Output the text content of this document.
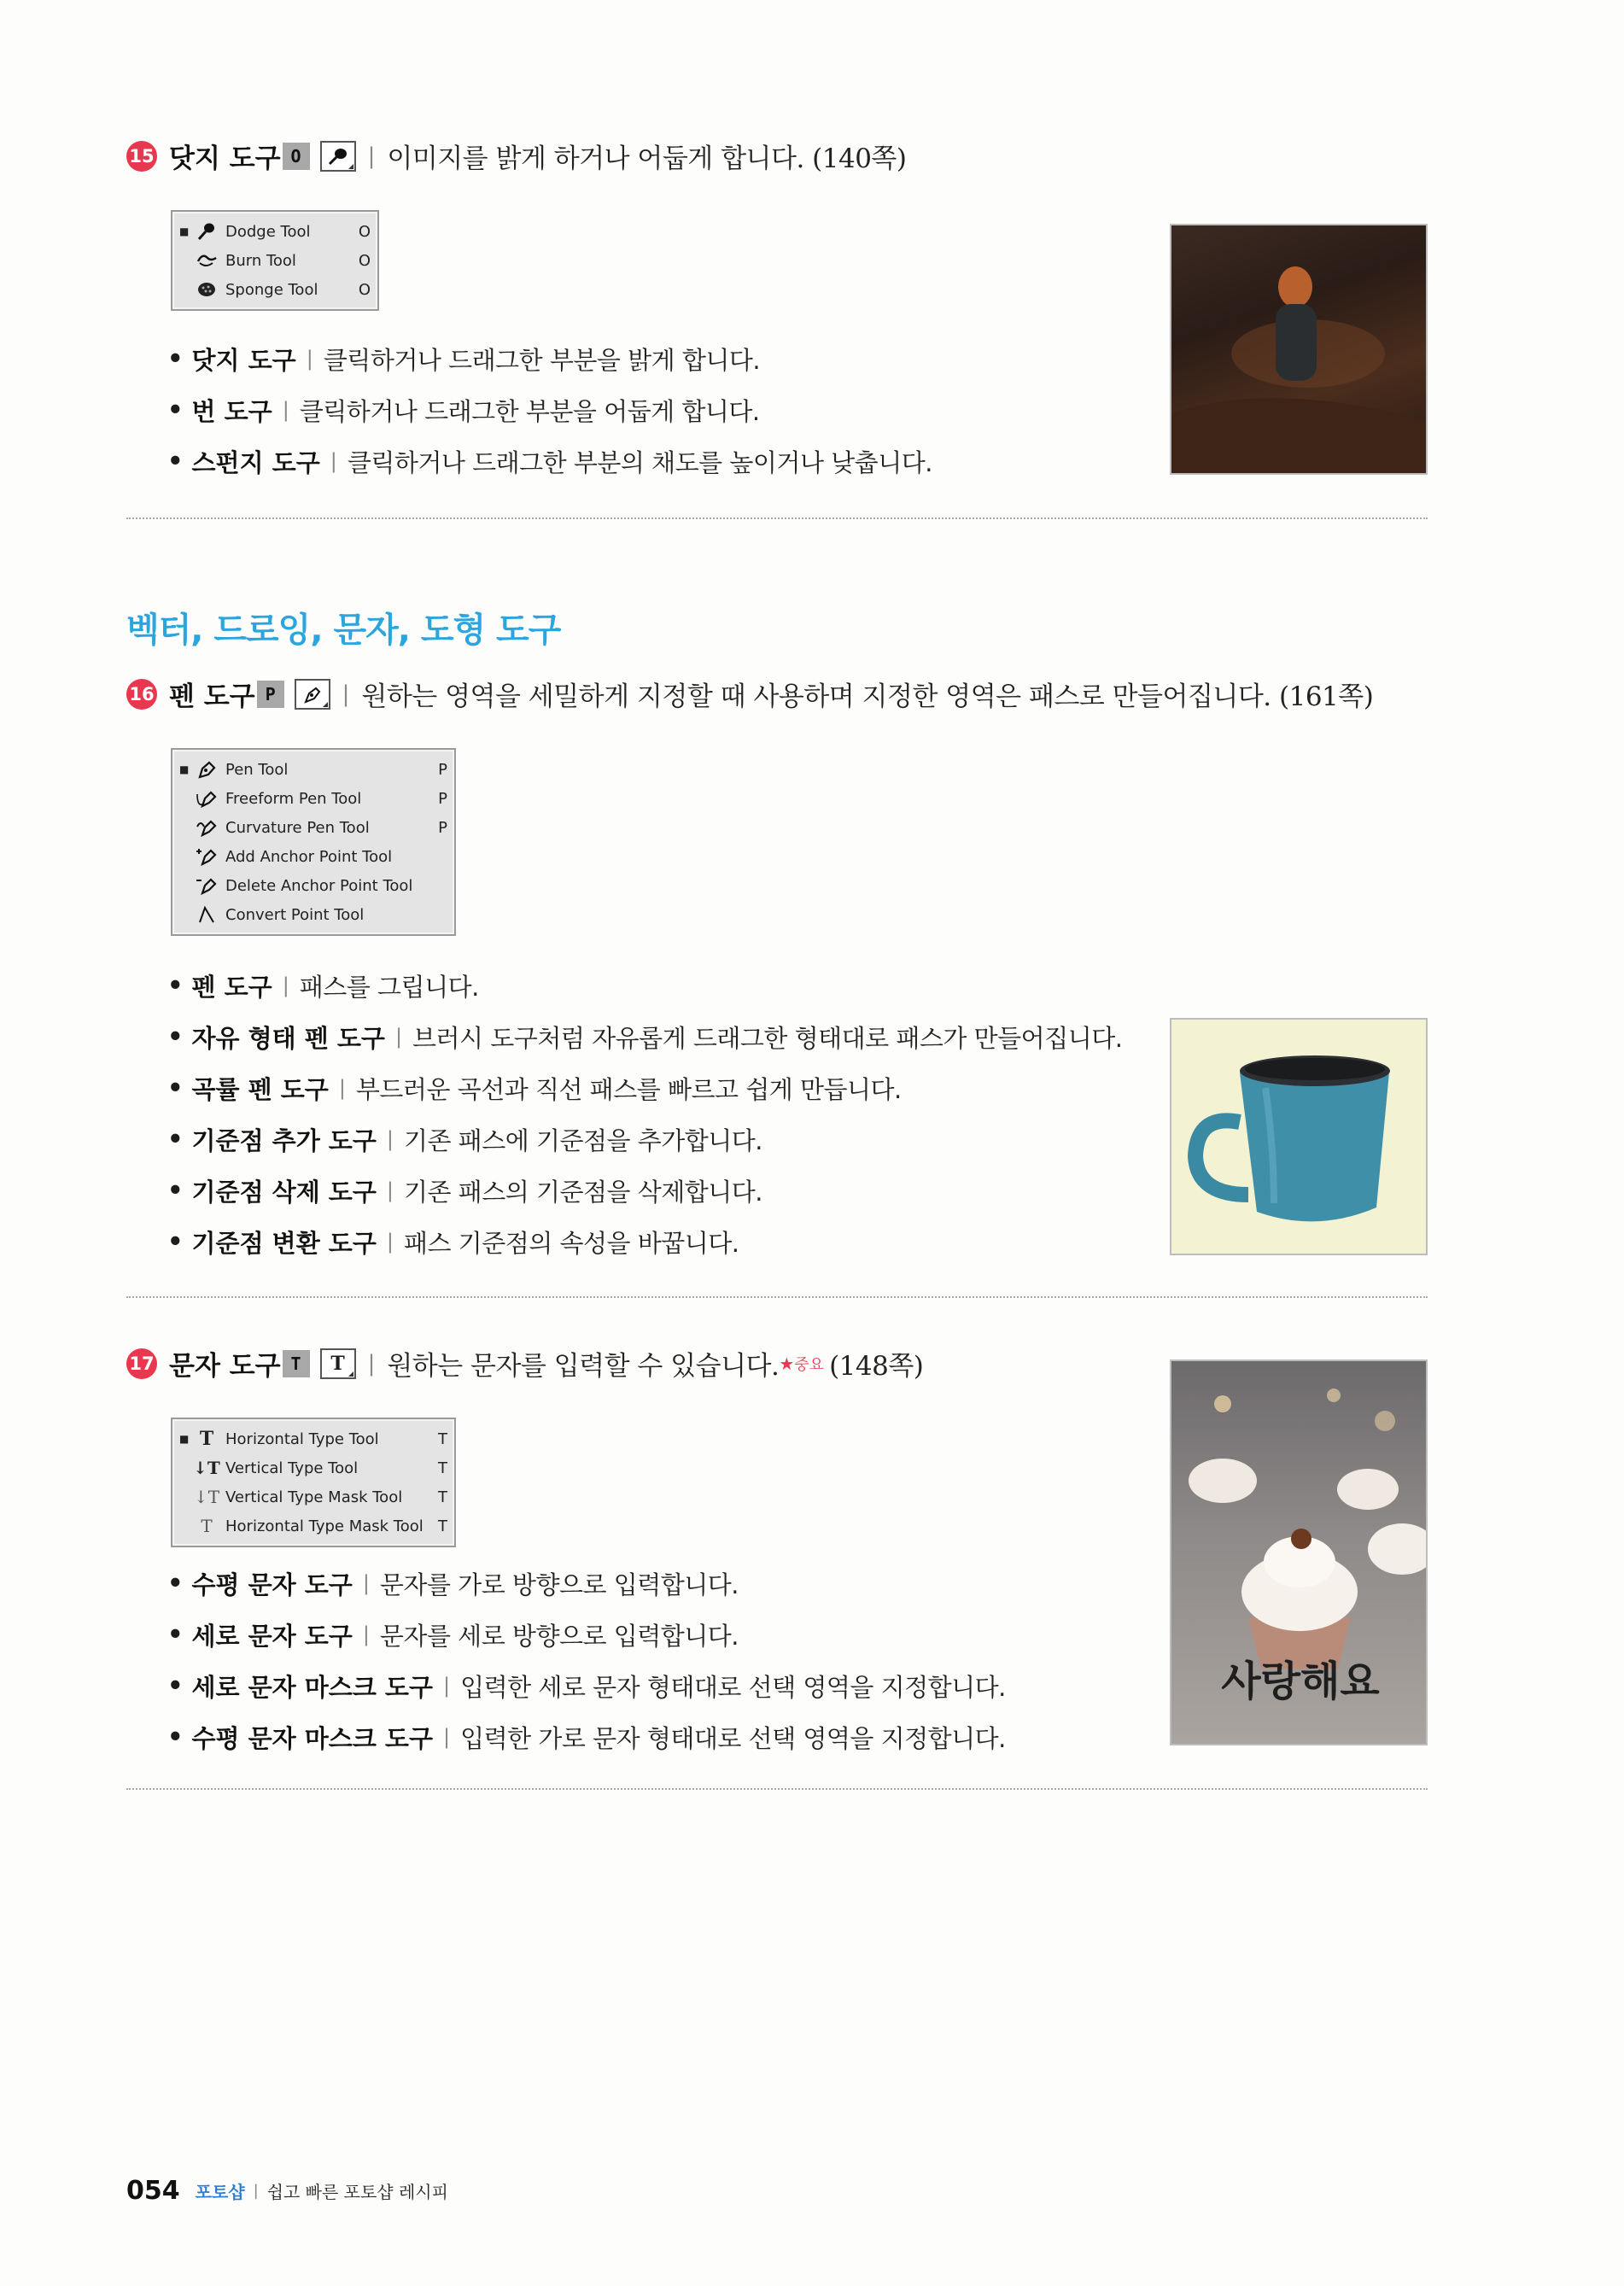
15 닷지 도구 O	| 이미지를 밝게 하거나 어둡게 합니다. (140쪽)
■ Dodge Tool	O
Burn Tool	O
Sponge Tool	O
• 닷지 도구 | 클릭하거나 드래그한 부분을 밝게 합니다.
• 번 도구 | 클릭하거나 드래그한 부분을 어둡게 합니다.
• 스펀지 도구 | 클릭하거나 드래그한 부분의 채도를 높이거나 낮춥니다.
벡터, 드로잉, 문자, 도형 도구
16 펜 도구 P	| 원하는 영역을 세밀하게 지정할 때 사용하며 지정한 영역은 패스로 만들어집니다. (161쪽)
■ Pen Tool	P
Freeform Pen Tool	P
Curvature Pen Tool	P
Add Anchor Point Tool
Delete Anchor Point Tool
Convert Point Tool
• 펜 도구 | 패스를 그립니다.
• 자유 형태 펜 도구 | 브러시 도구처럼 자유롭게 드래그한 형태대로 패스가 만들어집니다.
• 곡률 펜 도구 | 부드러운 곡선과 직선 패스를 빠르고 쉽게 만듭니다.
• 기준점 추가 도구 | 기존 패스에 기준점을 추가합니다.
• 기준점 삭제 도구 | 기존 패스의 기준점을 삭제합니다.
• 기준점 변환 도구 | 패스 기준점의 속성을 바꿉니다.
17 문자 도구 T	T | 원하는 문자를 입력할 수 있습니다. ★ 중요 (148쪽)
■ T Horizontal Type Tool	T
↓T Vertical Type Tool	T
↓T Vertical Type Mask Tool	T
T Horizontal Type Mask Tool T
• 수평 문자 도구 | 문자를 가로 방향으로 입력합니다.
• 세로 문자 도구 | 문자를 세로 방향으로 입력합니다.
• 세로 문자 마스크 도구 | 입력한 세로 문자 형태대로 선택 영역을 지정합니다.
• 수평 문자 마스크 도구 | 입력한 가로 문자 형태대로 선택 영역을 지정합니다.
사랑해요
054 포토샵 | 쉽고 빠른 포토샵 레시피
